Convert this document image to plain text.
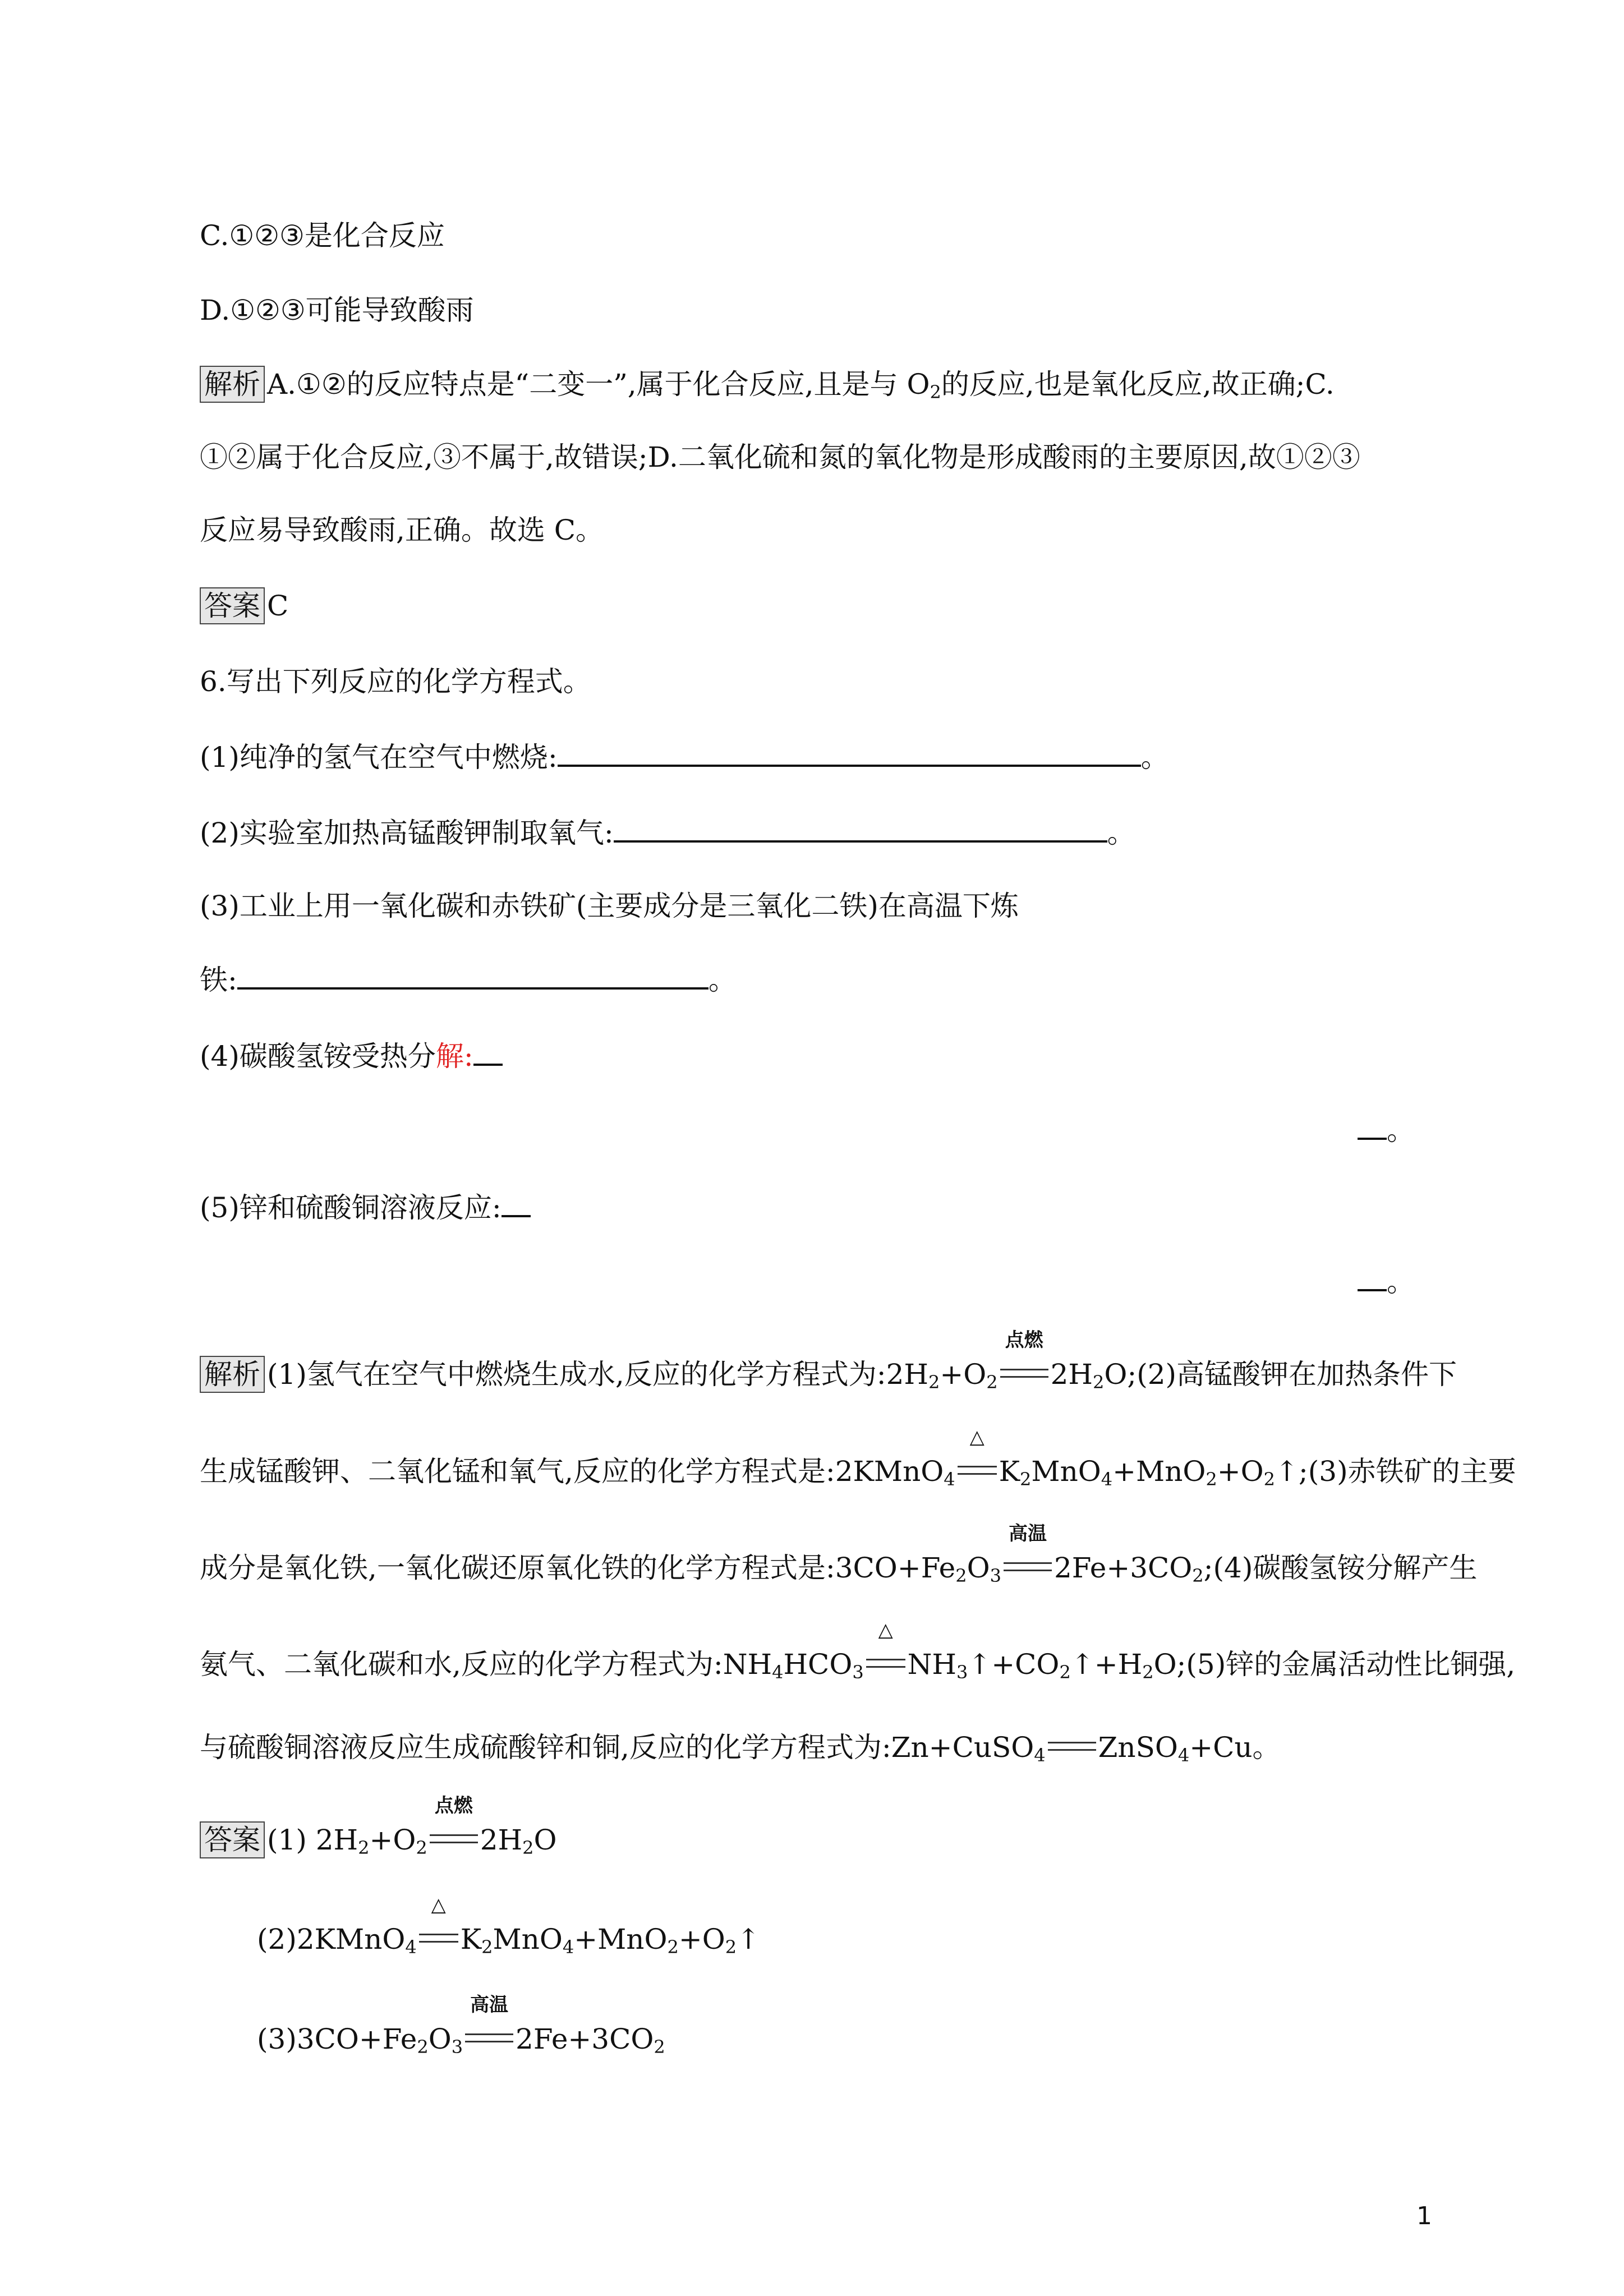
C.①②③是化合反应
D.①②③可能导致酸雨
解析 A.①②的反应特点是“二变一”,属于化合反应,且是与 $O_2$的反应,也是氧化反应,故正确;C.
①②属于化合反应,③不属于,故错误;D.二氧化硫和氮的氧化物是形成酸雨的主要原因,故①②③
反应易导致酸雨,正确。故选 C。
答案 C
6.写出下列反应的化学方程式。
(1)纯净的氢气在空气中燃烧:	。
(2)实验室加热高锰酸钾制取氧气:	。
(3)工业上用一氧化碳和赤铁矿(主要成分是三氧化二铁)在高温下炼
铁:	。
(4)碳酸氢铵受热分解:
。
(5)锌和硫酸铜溶液反应:
。
解析 (1)氢气在空气中燃烧生成水,反应的化学方程式为$:2H_2+O_2$
点燃
$2H_2O;(2)$高锰酸钾在加热条件下
生成锰酸钾、二氧化锰和氧气,反应的化学方程式是:2KMnO$_4$
△
$K_2MnO_4+MnO_2+O_2↑;(3)$赤铁矿的主要
成分是氧化铁,一氧化碳还原氧化铁的化学方程式是$:3CO+Fe_2O_3$
高温
$2Fe+3CO_2;(4)$碳酸氢铵分解产生
氨气、二氧化碳和水,反应的化学方程式为$:NH_4HCO_3$
△
$NH_3↑+CO_2↑+H_2O;(5)$锌的金属活动性比铜强,
与硫酸铜溶液反应生成硫酸锌和铜,反应的化学方程式为:Zn+CuSO$_4$ ZnSO$_4$+Cu。
答案 (1) $2H_2+O_2$
点燃
$2H_2O$
(2)2KMnO$_4$
△
$K_2MnO_4+MnO_2+O_2↑$
$(3)3CO+Fe_2O_3$
高温
$2Fe+3CO_2$
1
